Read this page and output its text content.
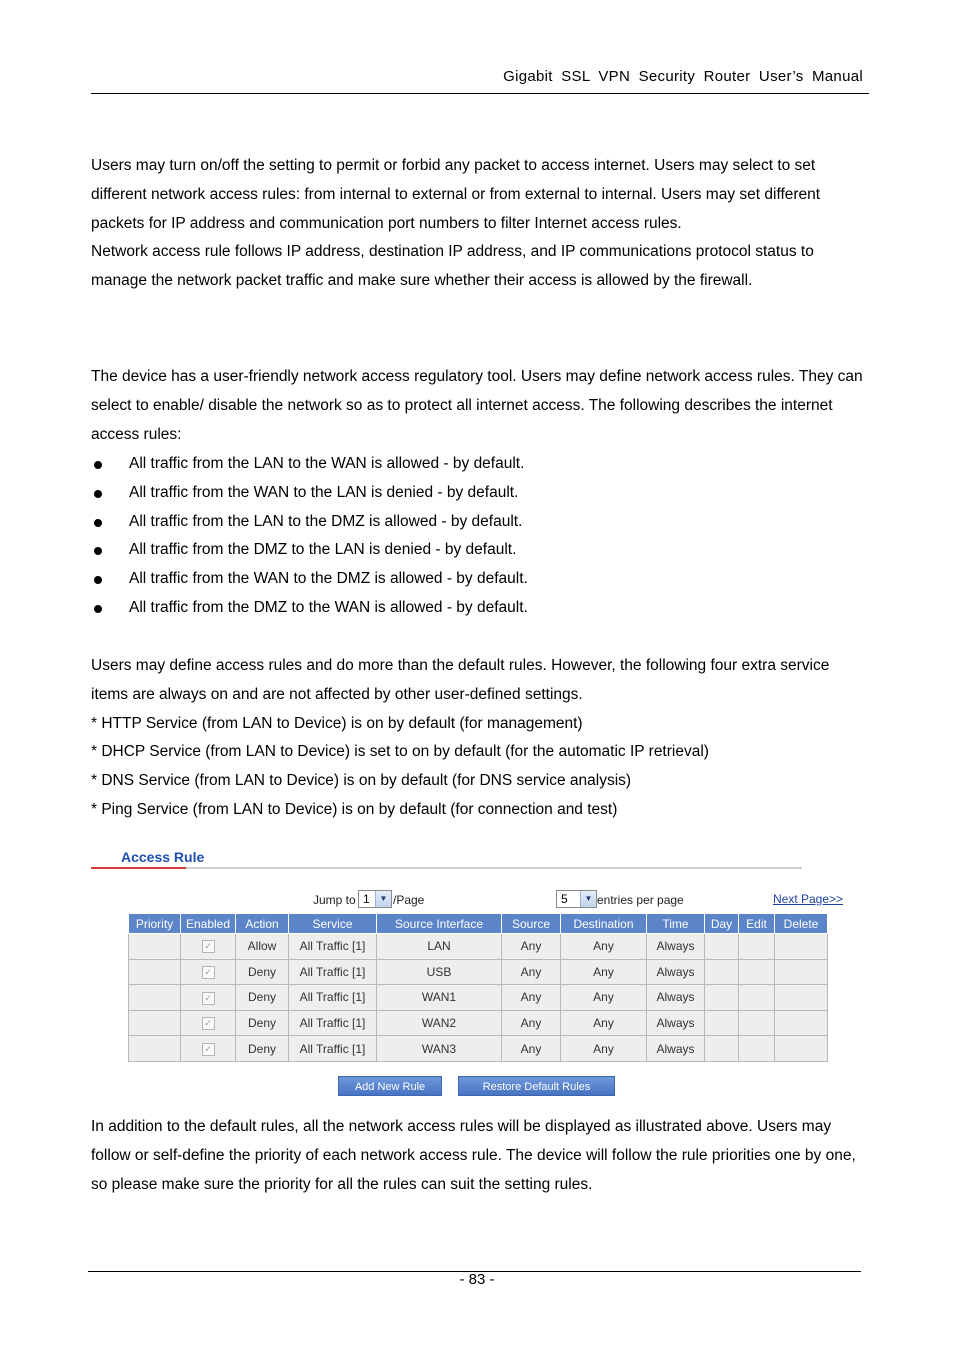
Gigabit SSL VPN Security Router User’s Manual
Users may turn on/off the setting to permit or forbid any packet to access internet. Users may select to set different network access rules: from internal to external or from external to internal. Users may set different packets for IP address and communication port numbers to filter Internet access rules.
Network access rule follows IP address, destination IP address, and IP communications protocol status to manage the network packet traffic and make sure whether their access is allowed by the firewall.
The device has a user-friendly network access regulatory tool. Users may define network access rules. They can select to enable/ disable the network so as to protect all internet access. The following describes the internet access rules:
All traffic from the LAN to the WAN is allowed - by default.
All traffic from the WAN to the LAN is denied - by default.
All traffic from the LAN to the DMZ is allowed - by default.
All traffic from the DMZ to the LAN is denied - by default.
All traffic from the WAN to the DMZ is allowed - by default.
All traffic from the DMZ to the WAN is allowed - by default.
Users may define access rules and do more than the default rules. However, the following four extra service items are always on and are not affected by other user-defined settings.
* HTTP Service (from LAN to Device) is on by default (for management)
* DHCP Service (from LAN to Device) is set to on by default (for the automatic IP retrieval)
* DNS Service (from LAN to Device) is on by default (for DNS service analysis)
* Ping Service (from LAN to Device) is on by default (for connection and test)
Access Rule
Jump to 1	▼ /Page	5	▼ entries per page	Next Page>>
Priority	Enabled	Action	Service	Source Interface	Source	Destination	Time	Day	Edit	Delete
	✓	Allow	All Traffic [1]	LAN	Any	Any	Always			
	✓	Deny	All Traffic [1]	USB	Any	Any	Always			
	✓	Deny	All Traffic [1]	WAN1	Any	Any	Always			
	✓	Deny	All Traffic [1]	WAN2	Any	Any	Always			
	✓	Deny	All Traffic [1]	WAN3	Any	Any	Always			
Add New Rule	Restore Default Rules
In addition to the default rules, all the network access rules will be displayed as illustrated above. Users may follow or self-define the priority of each network access rule. The device will follow the rule priorities one by one, so please make sure the priority for all the rules can suit the setting rules.
- 83 -
